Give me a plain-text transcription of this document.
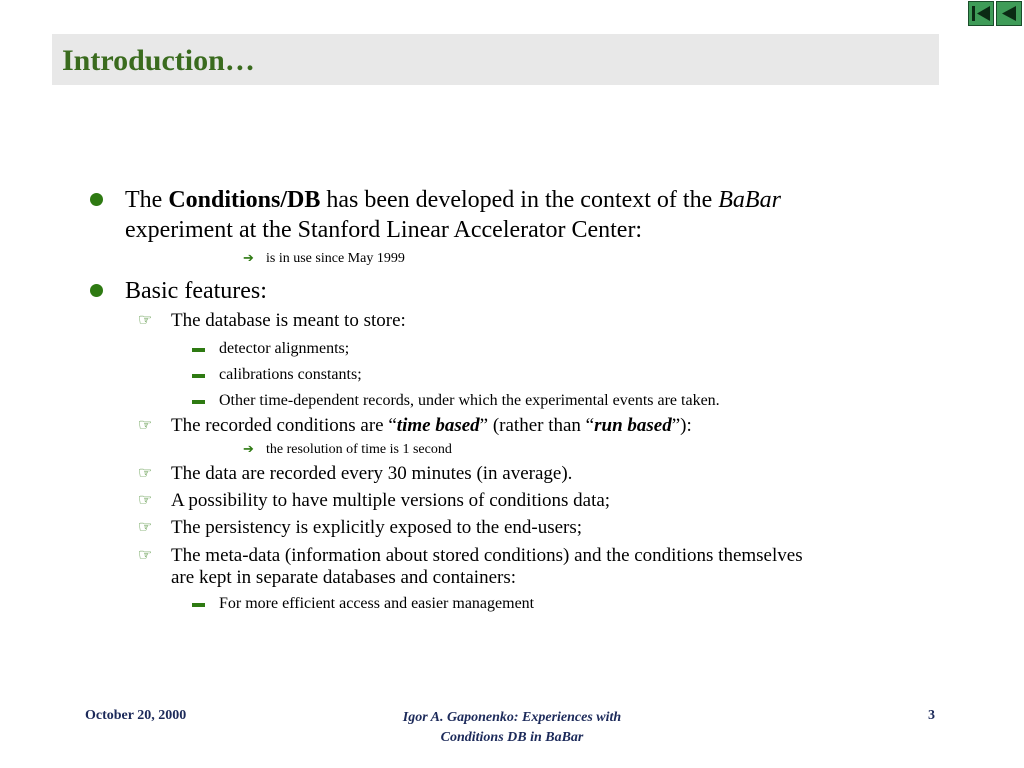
Introduction…
The Conditions/DB has been developed in the context of the BaBar
experiment at the Stanford Linear Accelerator Center:
➔ is in use since May 1999
Basic features:
☞ The database is meant to store:
detector alignments;
calibrations constants;
Other time-dependent records, under which the experimental events are taken.
☞ The recorded conditions are “time based” (rather than “run based”):
➔ the resolution of time is 1 second
☞ The data are recorded every 30 minutes (in average).
☞ A possibility to have multiple versions of conditions data;
☞ The persistency is explicitly exposed to the end-users;
☞ The meta-data (information about stored conditions) and the conditions themselves
are kept in separate databases and containers:
For more efficient access and easier management
October 20, 2000	Igor A. Gaponenko: Experiences with
Conditions DB in BaBar
3
